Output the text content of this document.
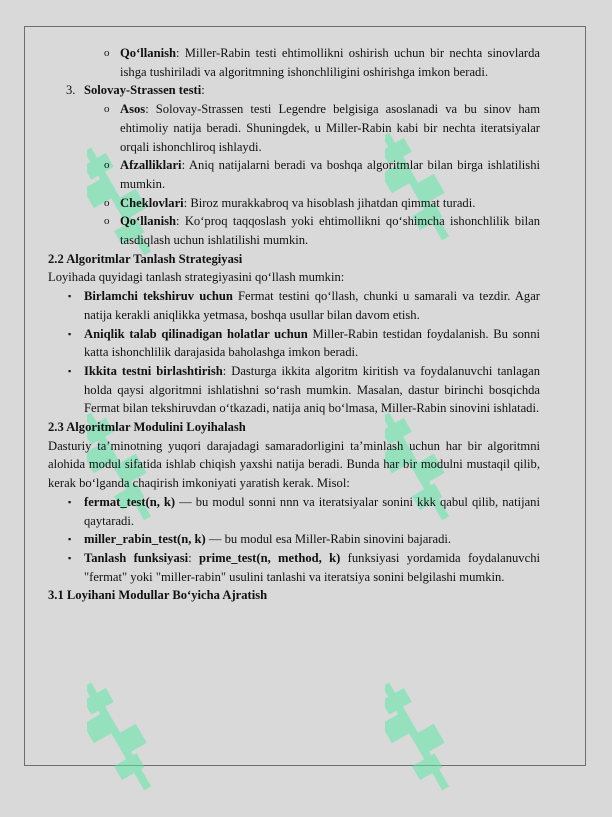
o Qo‘llanish: Miller-Rabin testi ehtimollikni oshirish uchun bir nechta sinovlarda ishga tushiriladi va algoritmning ishonchliligini oshirishga imkon beradi.

3. Solovay-Strassen testi:

o Asos: Solovay-Strassen testi Legendre belgisiga asoslanadi va bu sinov ham ehtimoliy natija beradi. Shuningdek, u Miller-Rabin kabi bir nechta iteratsiyalar orqali ishonchliroq ishlaydi.

o Afzalliklari: Aniq natijalarni beradi va boshqa algoritmlar bilan birga ishlatilishi mumkin.

o Cheklovlari: Biroz murakkabroq va hisoblash jihatdan qimmat turadi.

o Qo‘llanish: Ko‘proq taqqoslash yoki ehtimollikni qo‘shimcha ishonchlilik bilan tasdiqlash uchun ishlatilishi mumkin.

2.2 Algoritmlar Tanlash Strategiyasi

Loyihada quyidagi tanlash strategiyasini qo‘llash mumkin:

▪ Birlamchi tekshiruv uchun Fermat testini qo‘llash, chunki u samarali va tezdir. Agar natija kerakli aniqlikka yetmasa, boshqa usullar bilan davom etish.

▪ Aniqlik talab qilinadigan holatlar uchun Miller-Rabin testidan foydalanish. Bu sonni katta ishonchlilik darajasida baholashga imkon beradi.

▪ Ikkita testni birlashtirish: Dasturga ikkita algoritm kiritish va foydalanuvchi tanlagan holda qaysi algoritmni ishlatishni so‘rash mumkin. Masalan, dastur birinchi bosqichda Fermat bilan tekshiruvdan o‘tkazadi, natija aniq bo‘lmasa, Miller-Rabin sinovini ishlatadi.

2.3 Algoritmlar Modulini Loyihalash

Dasturiy ta’minotning yuqori darajadagi samaradorligini ta’minlash uchun har bir algoritmni alohida modul sifatida ishlab chiqish yaxshi natija beradi. Bunda har bir modulni mustaqil qilib, kerak bo‘lganda chaqirish imkoniyati yaratish kerak. Misol:

▪ fermat_test(n, k) — bu modul sonni nnn va iteratsiyalar sonini kkk qabul qilib, natijani qaytaradi.

▪ miller_rabin_test(n, k) — bu modul esa Miller-Rabin sinovini bajaradi.

▪ Tanlash funksiyasi: prime_test(n, method, k) funksiyasi yordamida foydalanuvchi "fermat" yoki "miller-rabin" usulini tanlashi va iteratsiya sonini belgilashi mumkin.

3.1 Loyihani Modullar Bo‘yicha Ajratish
